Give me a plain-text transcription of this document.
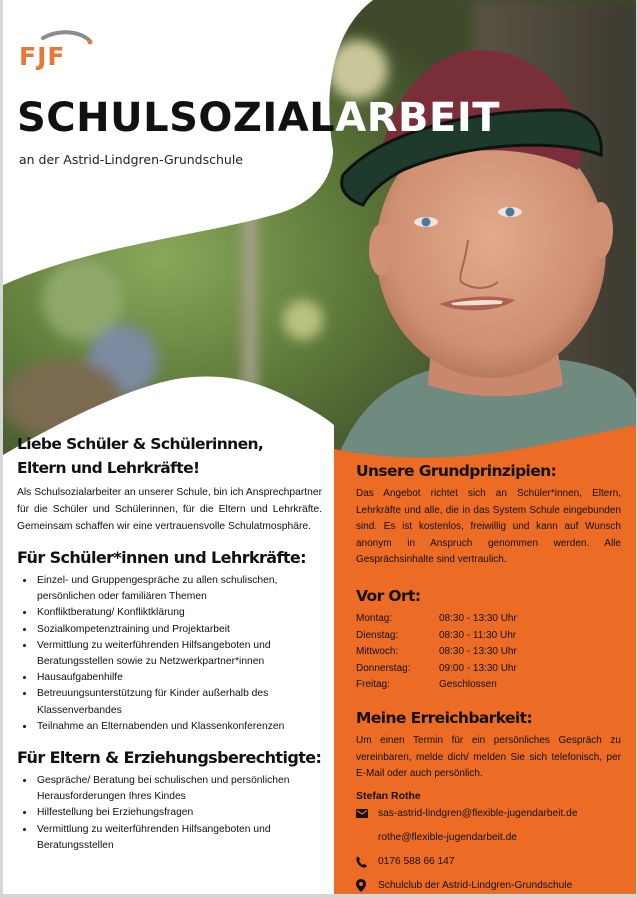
FJF
SCHULSOZIALARBEIT
an der Astrid-Lindgren-Grundschule
Liebe Schüler & Schülerinnen,
Eltern und Lehrkräfte!

Als Schulsozialarbeiter an unserer Schule, bin ich Ansprechpartner für die Schüler und Schülerinnen, für die Eltern und Lehrkräfte. Gemeinsam schaffen wir eine vertrauensvolle Schulatmosphäre.

Für Schüler*innen und Lehrkräfte:
• Einzel- und Gruppengespräche zu allen schulischen, persönlichen oder familiären Themen
• Konfliktberatung/ Konfliktklärung
• Sozialkompetenztraining und Projektarbeit
• Vermittlung zu weiterführenden Hilfsangeboten und Beratungsstellen sowie zu Netzwerkpartner*innen
• Hausaufgabenhilfe
• Betreuungsunterstützung für Kinder außerhalb des Klassenverbandes
• Teilnahme an Elternabenden und Klassenkonferenzen
Für Eltern & Erziehungsberechtigte:
• Gespräche/ Beratung bei schulischen und persönlichen Herausforderungen Ihres Kindes
• Hilfestellung bei Erziehungsfragen
• Vermittlung zu weiterführenden Hilfsangeboten und Beratungsstellen
Unsere Grundprinzipien:

Das Angebot richtet sich an Schüler*innen, Eltern, Lehrkräfte und alle, die in das System Schule eingebunden sind. Es ist kostenlos, freiwillig und kann auf Wunsch anonym in Anspruch genommen werden. Alle Gesprächsinhalte sind vertraulich.

Vor Ort:
Montag:	08:30 - 13:30 Uhr
Dienstag:	08:30 - 11:30 Uhr
Mittwoch:	08:30 - 13:30 Uhr
Donnerstag:	09:00 - 13:30 Uhr
Freitag:	Geschlossen
Meine Erreichbarkeit:

Um einen Termin für ein persönliches Gespräch zu vereinbaren, melde dich/ melden Sie sich telefonisch, per E-Mail oder auch persönlich.

Stefan Rothe
sas-astrid-lindgren@flexible-jugendarbeit.de
rothe@flexible-jugendarbeit.de
0176 588 66 147
Schulclub der Astrid-Lindgren-Grundschule
